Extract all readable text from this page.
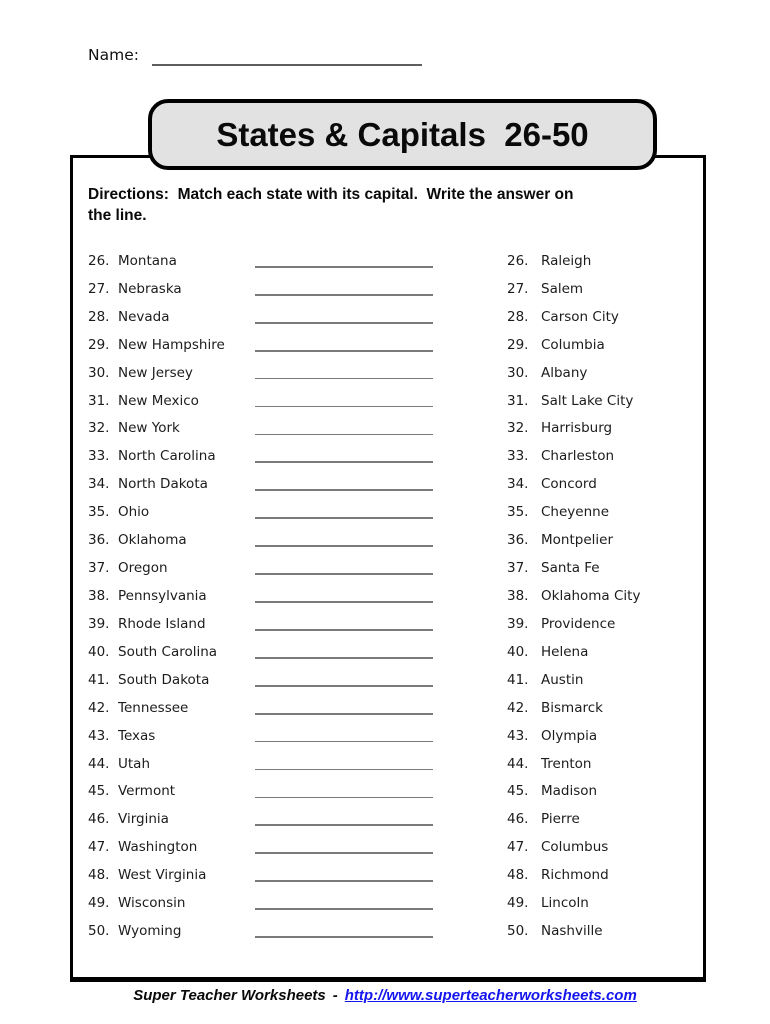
Name:
States & Capitals  26-50
Directions:  Match each state with its capital.  Write the answer on
the line.
26. Montana
27. Nebraska
28. Nevada
29. New Hampshire
30. New Jersey
31. New Mexico
32. New York
33. North Carolina
34. North Dakota
35. Ohio
36. Oklahoma
37. Oregon
38. Pennsylvania
39. Rhode Island
40. South Carolina
41. South Dakota
42. Tennessee
43. Texas
44. Utah
45. Vermont
46. Virginia
47. Washington
48. West Virginia
49. Wisconsin
50. Wyoming
26. Raleigh
27. Salem
28. Carson City
29. Columbia
30. Albany
31. Salt Lake City
32. Harrisburg
33. Charleston
34. Concord
35. Cheyenne
36. Montpelier
37. Santa Fe
38. Oklahoma City
39. Providence
40. Helena
41. Austin
42. Bismarck
43. Olympia
44. Trenton
45. Madison
46. Pierre
47. Columbus
48. Richmond
49. Lincoln
50. Nashville
Super Teacher Worksheets - http://www.superteacherworksheets.com
